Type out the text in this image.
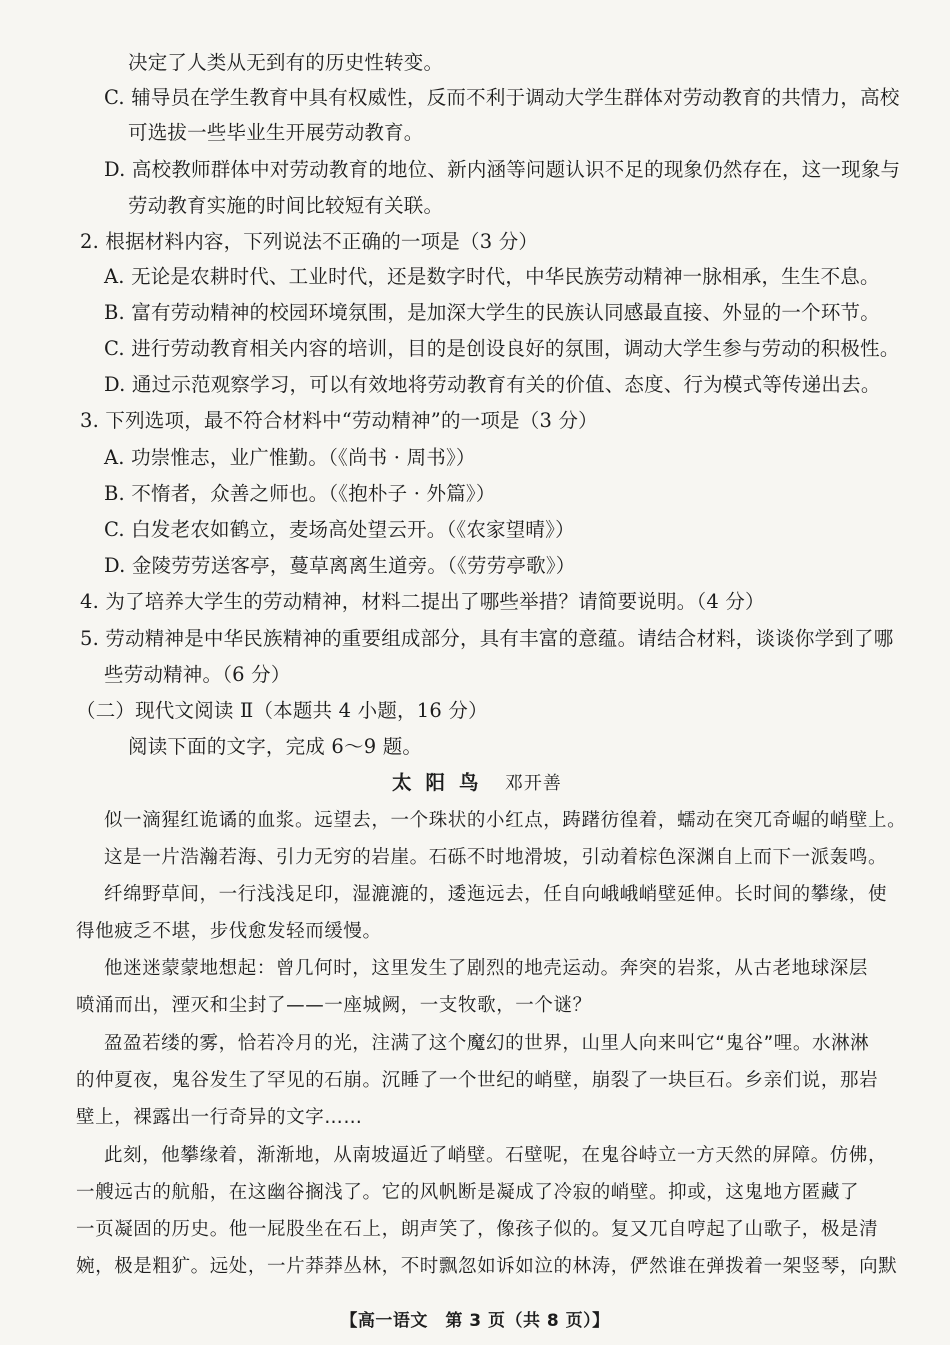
决定了人类从无到有的历史性转变。
C. 辅导员在学生教育中具有权威性，反而不利于调动大学生群体对劳动教育的共情力，高校
可选拔一些毕业生开展劳动教育。
D. 高校教师群体中对劳动教育的地位、新内涵等问题认识不足的现象仍然存在，这一现象与
劳动教育实施的时间比较短有关联。
2. 根据材料内容，下列说法不正确的一项是（3 分）
A. 无论是农耕时代、工业时代，还是数字时代，中华民族劳动精神一脉相承，生生不息。
B. 富有劳动精神的校园环境氛围，是加深大学生的民族认同感最直接、外显的一个环节。
C. 进行劳动教育相关内容的培训，目的是创设良好的氛围，调动大学生参与劳动的积极性。
D. 通过示范观察学习，可以有效地将劳动教育有关的价值、态度、行为模式等传递出去。
3. 下列选项，最不符合材料中“劳动精神”的一项是（3 分）
A. 功崇惟志，业广惟勤。（《尚书 · 周书》）
B. 不惰者，众善之师也。（《抱朴子 · 外篇》）
C. 白发老农如鹤立，麦场高处望云开。（《农家望晴》）
D. 金陵劳劳送客亭，蔓草离离生道旁。（《劳劳亭歌》）
4. 为了培养大学生的劳动精神，材料二提出了哪些举措？请简要说明。（4 分）
5. 劳动精神是中华民族精神的重要组成部分，具有丰富的意蕴。请结合材料，谈谈你学到了哪
些劳动精神。（6 分）
（二）现代文阅读 Ⅱ（本题共 4 小题，16 分）
阅读下面的文字，完成 6～9 题。
太阳鸟 邓开善
似一滴猩红诡谲的血浆。远望去，一个珠状的小红点，踌躇彷徨着，蠕动在突兀奇崛的峭壁上。
这是一片浩瀚若海、引力无穷的岩崖。石砾不时地滑坡，引动着棕色深渊自上而下一派轰鸣。
纤绵野草间，一行浅浅足印，湿漉漉的，逶迤远去，任自向峨峨峭壁延伸。长时间的攀缘，使
得他疲乏不堪，步伐愈发轻而缓慢。
他迷迷蒙蒙地想起：曾几何时，这里发生了剧烈的地壳运动。奔突的岩浆，从古老地球深层
喷涌而出，湮灭和尘封了——一座城阙，一支牧歌，一个谜？
盈盈若缕的雾，恰若冷月的光，注满了这个魔幻的世界，山里人向来叫它“鬼谷”哩。水淋淋
的仲夏夜，鬼谷发生了罕见的石崩。沉睡了一个世纪的峭壁，崩裂了一块巨石。乡亲们说，那岩
壁上，裸露出一行奇异的文字……
此刻，他攀缘着，渐渐地，从南坡逼近了峭壁。石壁呢，在鬼谷峙立一方天然的屏障。仿佛，
一艘远古的航船，在这幽谷搁浅了。它的风帆断是凝成了冷寂的峭壁。抑或，这鬼地方匿藏了
一页凝固的历史。他一屁股坐在石上，朗声笑了，像孩子似的。复又兀自哼起了山歌子，极是清
婉，极是粗犷。远处，一片莽莽丛林，不时飘忽如诉如泣的林涛，俨然谁在弹拨着一架竖琴，向默
【高一语文　第 3 页（共 8 页）】
